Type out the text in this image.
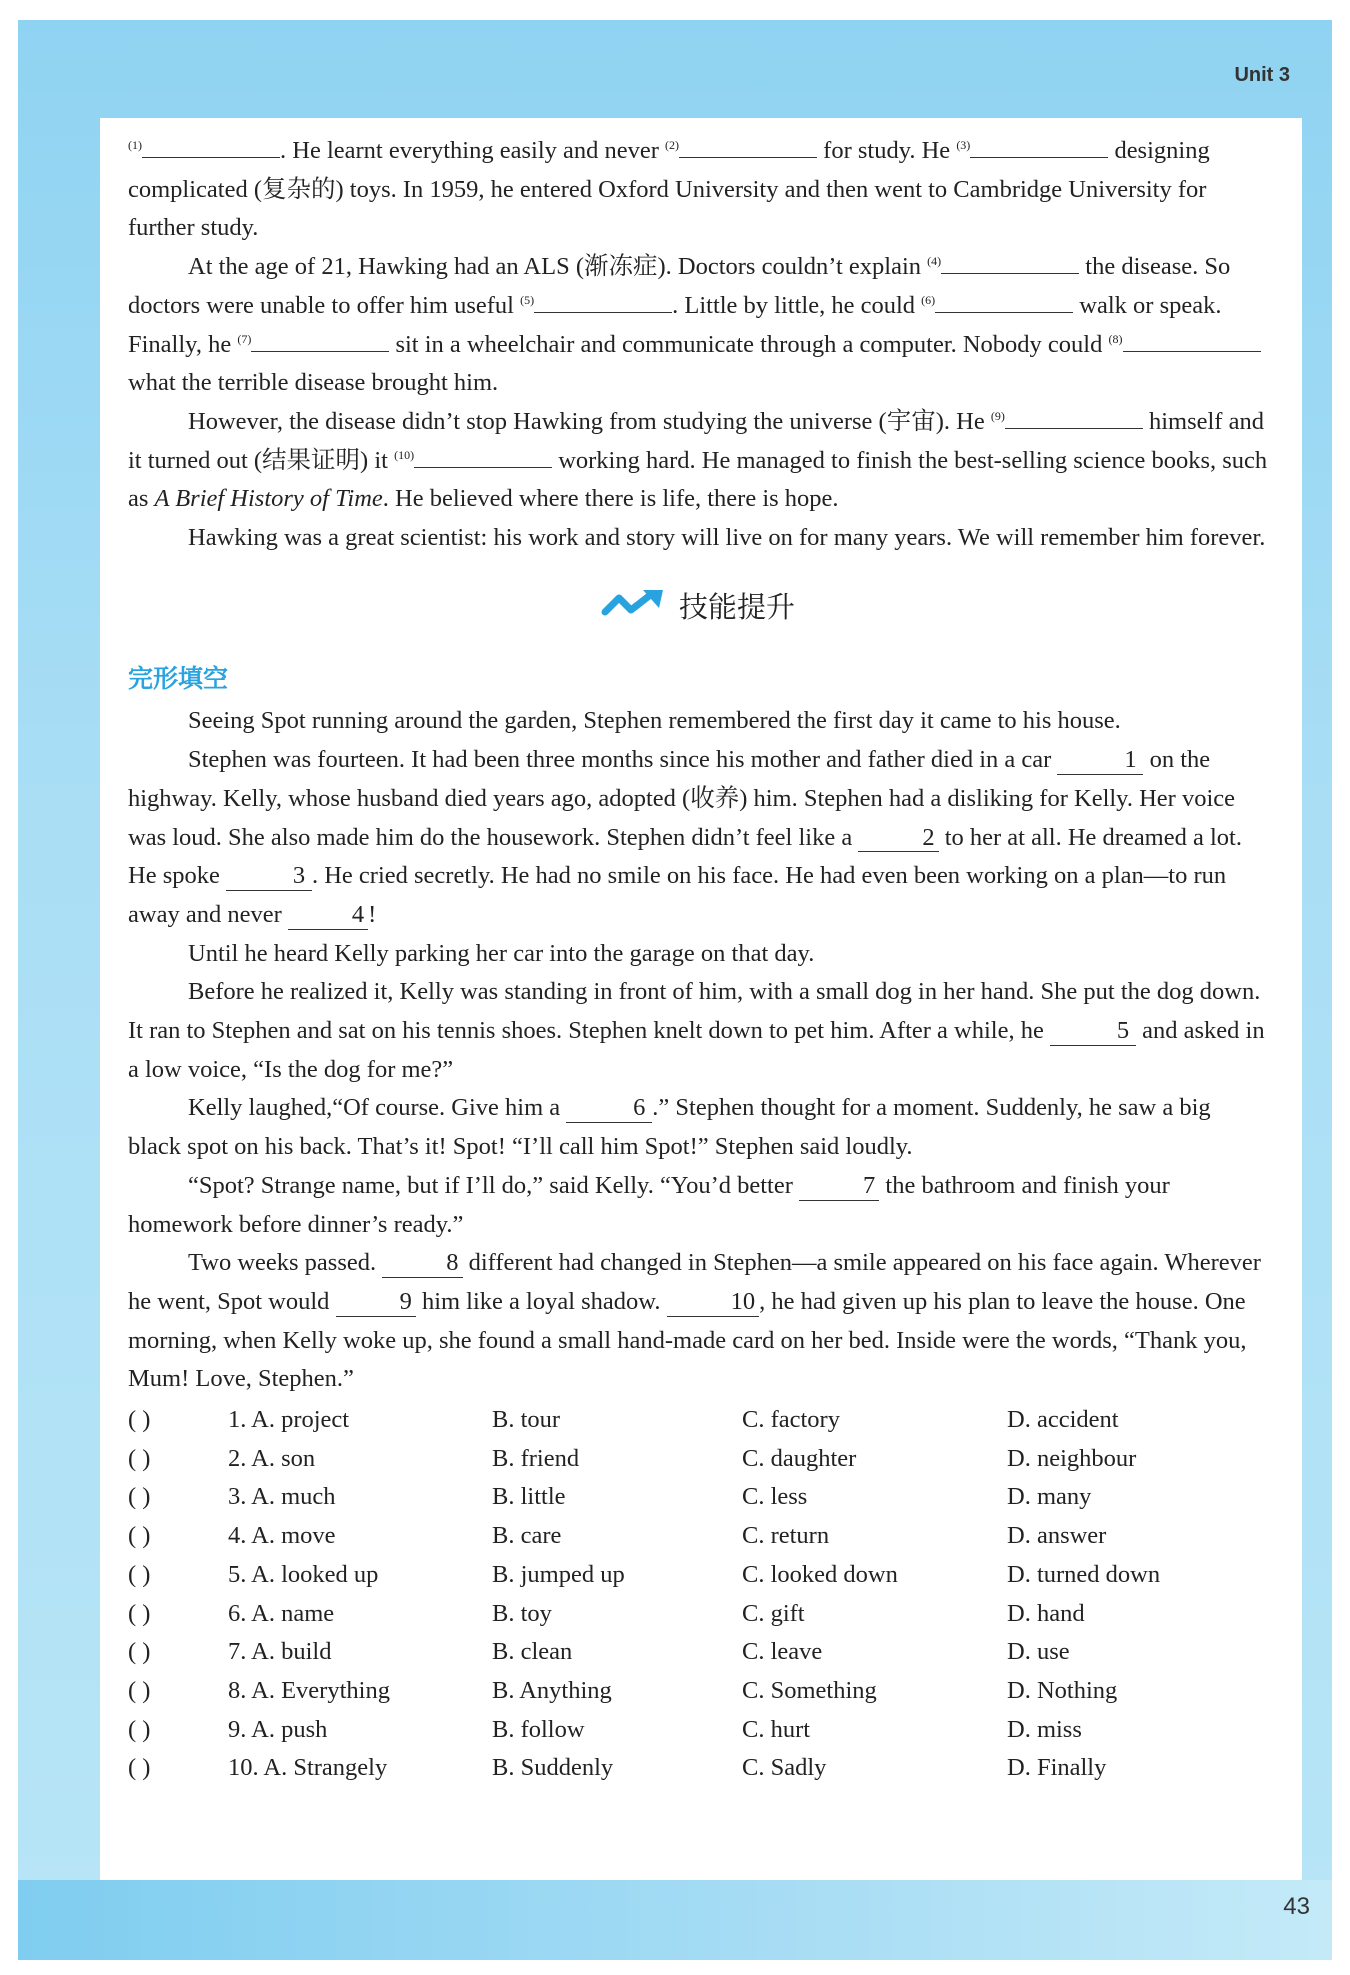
Unit 3
43

$^{(1)}$	. He learnt everything easily and never $^{(2)}$	for study. He $^{(3)}$	designing complicated (复杂的) toys. In 1959, he entered Oxford University and then went to Cambridge University for further study.

At the age of 21, Hawking had an ALS (渐冻症). Doctors couldn’t explain $^{(4)}$	the disease. So doctors were unable to offer him useful $^{(5)}$	. Little by little, he could $^{(6)}$	walk or speak. Finally, he $^{(7)}$	sit in a wheelchair and communicate through a computer. Nobody could $^{(8)}$ what the terrible disease brought him.

However, the disease didn’t stop Hawking from studying the universe (宇宙). He $^{(9)}$	himself and it turned out (结果证明) it $^{(10)}$	working hard. He managed to finish the best-selling science books, such as A Brief History of Time. He believed where there is life, there is hope.

Hawking was a great scientist: his work and story will live on for many years. We will remember him forever.

技能提升
完形填空

Seeing Spot running around the garden, Stephen remembered the first day it came to his house.

Stephen was fourteen. It had been three months since his mother and father died in a car	1 on the highway. Kelly, whose husband died years ago, adopted (收养) him. Stephen had a disliking for Kelly. Her voice was loud. She also made him do the housework. Stephen didn’t feel like a	2 to her at all. He dreamed a lot. He spoke	3 . He cried secretly. He had no smile on his face. He had even been working on a plan—to run away and never	4 !

Until he heard Kelly parking her car into the garage on that day.

Before he realized it, Kelly was standing in front of him, with a small dog in her hand. She put the dog down. It ran to Stephen and sat on his tennis shoes. Stephen knelt down to pet him. After a while, he	5 and asked in a low voice, “Is the dog for me?”

Kelly laughed,“Of course. Give him a	6 .” Stephen thought for a moment. Suddenly, he saw a big black spot on his back. That’s it! Spot! “I’ll call him Spot!” Stephen said loudly.

“Spot? Strange name, but if I’ll do,” said Kelly. “You’d better	7 the bathroom and finish your homework before dinner’s ready.”

Two weeks passed.	8 different had changed in Stephen—a smile appeared on his face again. Wherever he went, Spot would	9 him like a loyal shadow.	10 , he had given up his plan to leave the house. One morning, when Kelly woke up, she found a small hand-made card on her bed. Inside were the words, “Thank you, Mum! Love, Stephen.”

( )	1. A. project	B. tour	C. factory	D. accident
( )	2. A. son	B. friend	C. daughter	D. neighbour
( )	3. A. much	B. little	C. less	D. many
( )	4. A. move	B. care	C. return	D. answer
( )	5. A. looked up	B. jumped up	C. looked down	D. turned down
( )	6. A. name	B. toy	C. gift	D. hand
( )	7. A. build	B. clean	C. leave	D. use
( )	8. A. Everything	B. Anything	C. Something	D. Nothing
( )	9. A. push	B. follow	C. hurt	D. miss
( )	10. A. Strangely	B. Suddenly	C. Sadly	D. Finally
